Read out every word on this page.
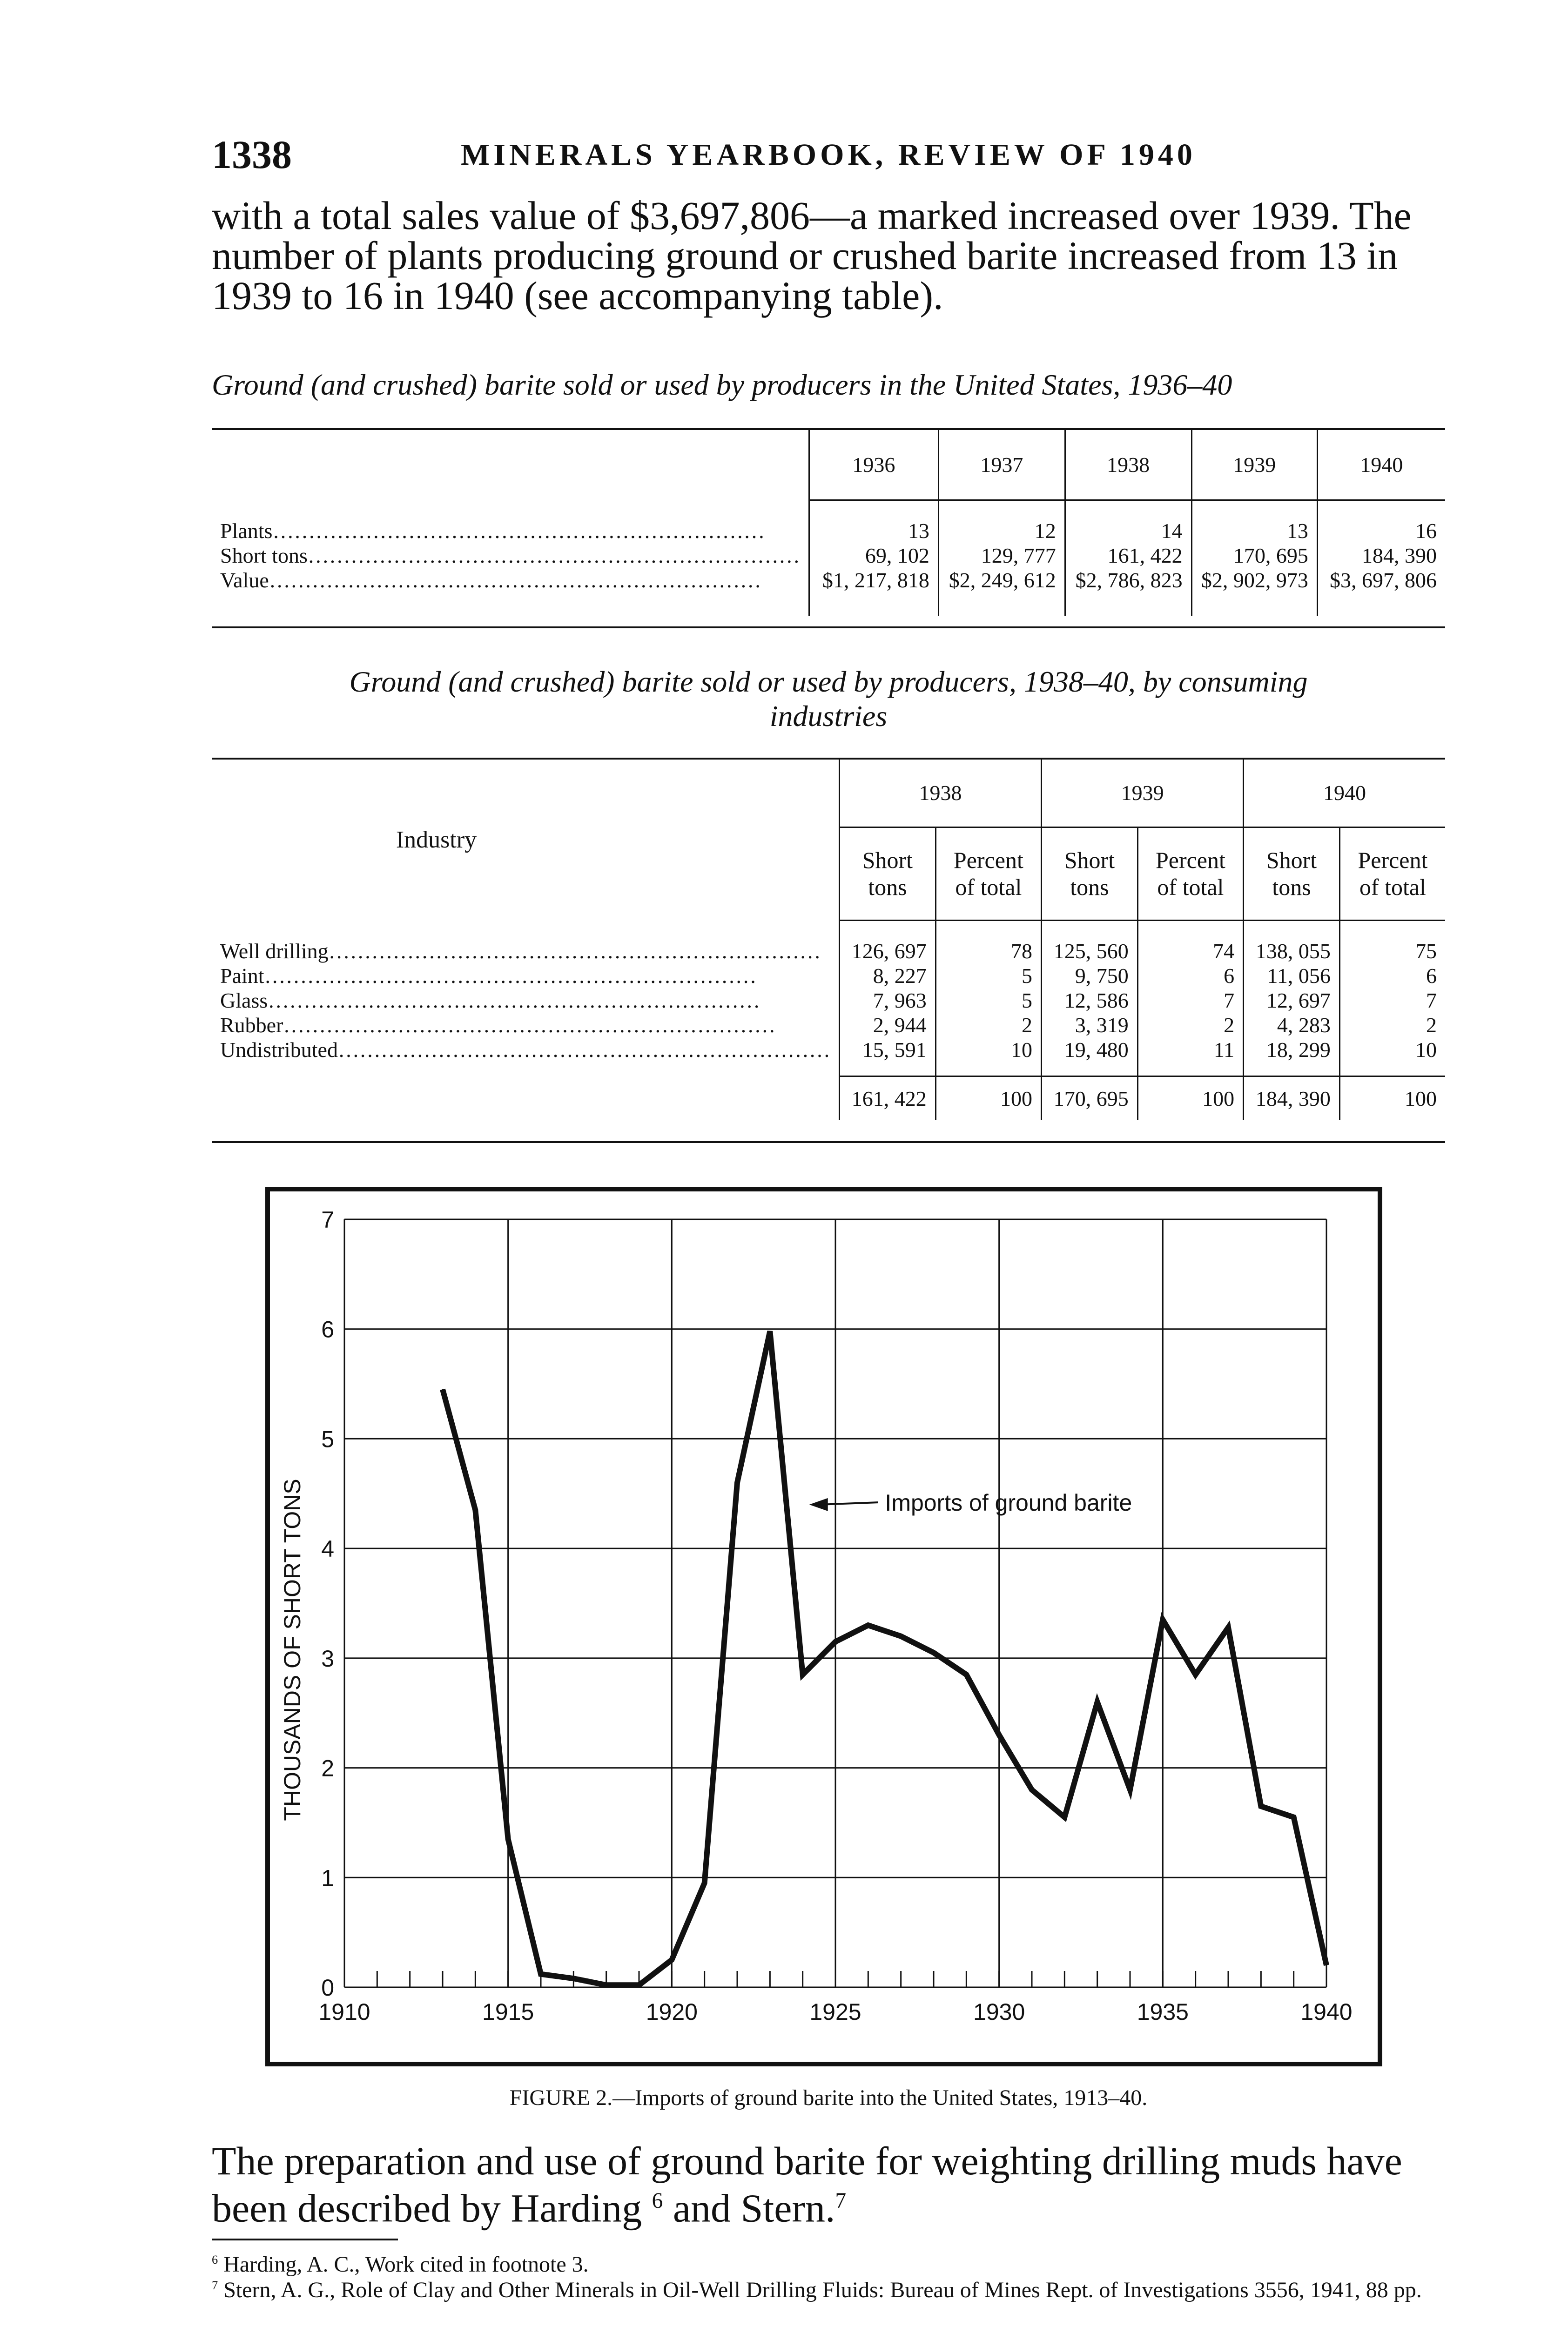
1338	MINERALS YEARBOOK, REVIEW OF 1940
with a total sales value of $3,697,806—a marked increased over 1939. The number of plants producing ground or crushed barite increased from 13 in 1939 to 16 in 1940 (see accompanying table).
Ground (and crushed) barite sold or used by producers in the United States, 1936–40
	1936	1937	1938	1939	1940

Plants……………………………………………………………	13	12	14	13	16
Short tons……………………………………………………………	69, 102	129, 777	161, 422	170, 695	184, 390
Value……………………………………………………………	$1, 217, 818	$2, 249, 612	$2, 786, 823	$2, 902, 973	$3, 697, 806

Ground (and crushed) barite sold or used by producers, 1938–40, by consuming
industries
Industry	1938		1939		1940	
	Short tons	Percent of total	Short tons	Percent of total	Short tons	Percent of total

Well drilling……………………………………………………………	126, 697	78	125, 560	74	138, 055	75
Paint……………………………………………………………	8, 227	5	9, 750	6	11, 056	6
Glass……………………………………………………………	7, 963	5	12, 586	7	12, 697	7
Rubber……………………………………………………………	2, 944	2	3, 319	2	4, 283	2
Undistributed……………………………………………………………	15, 591	10	19, 480	11	18, 299	10

	161, 422	100	170, 695	100	184, 390	100
0
1
2
3
4
5
6
7
1910	1915	1920	1925	1930	1935	1940
THOUSANDS OF SHORT TONS	Imports of ground barite
FIGURE 2.—Imports of ground barite into the United States, 1913–40.
The preparation and use of ground barite for weighting drilling muds have been described by Harding $^6$ and Stern.$^7$
$^6$ Harding, A. C., Work cited in footnote 3.
$^7$ Stern, A. G., Role of Clay and Other Minerals in Oil-Well Drilling Fluids: Bureau of Mines Rept. of Investigations 3556, 1941, 88 pp.
